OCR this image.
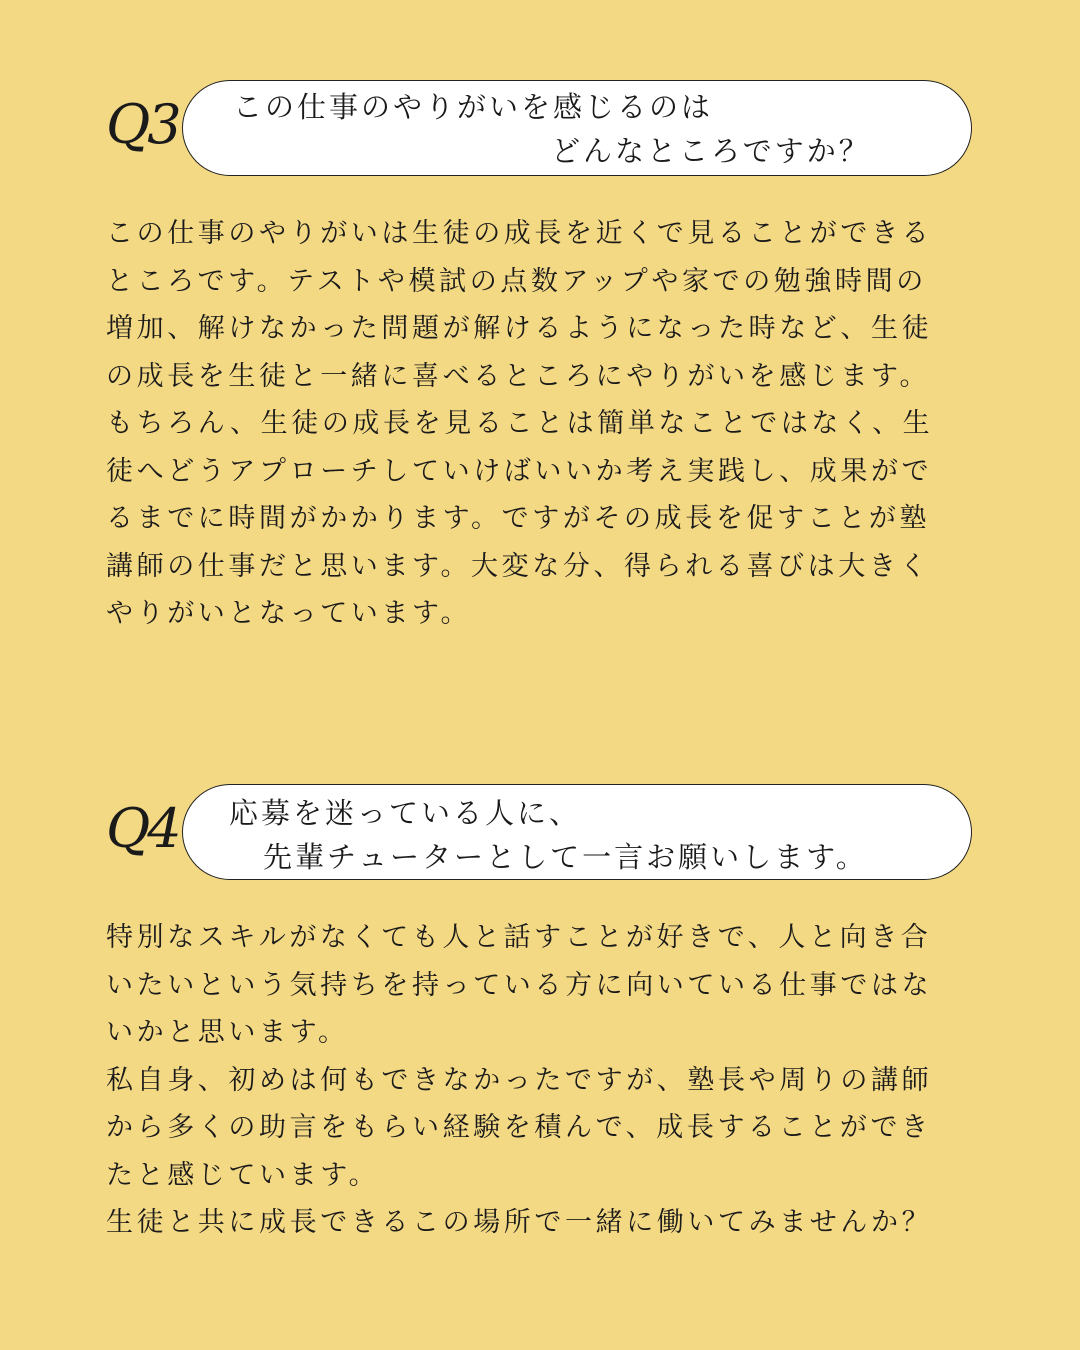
Q3 この仕事のやりがいを感じるのは
どんなところですか？
この仕事のやりがいは生徒の成長を近くで見ることができる
ところです。テストや模試の点数アップや家での勉強時間の
増加、解けなかった問題が解けるようになった時など、生徒
の成長を生徒と一緒に喜べるところにやりがいを感じます。
もちろん、生徒の成長を見ることは簡単なことではなく、生
徒へどうアプローチしていけばいいか考え実践し、成果がで
るまでに時間がかかります。ですがその成長を促すことが塾
講師の仕事だと思います。大変な分、得られる喜びは大きく
やりがいとなっています。
Q4 応募を迷っている人に、
先輩チューターとして一言お願いします。
特別なスキルがなくても人と話すことが好きで、人と向き合
いたいという気持ちを持っている方に向いている仕事ではな
いかと思います。
私自身、初めは何もできなかったですが、塾長や周りの講師
から多くの助言をもらい経験を積んで、成長することができ
たと感じています。
生徒と共に成長できるこの場所で一緒に働いてみませんか？
